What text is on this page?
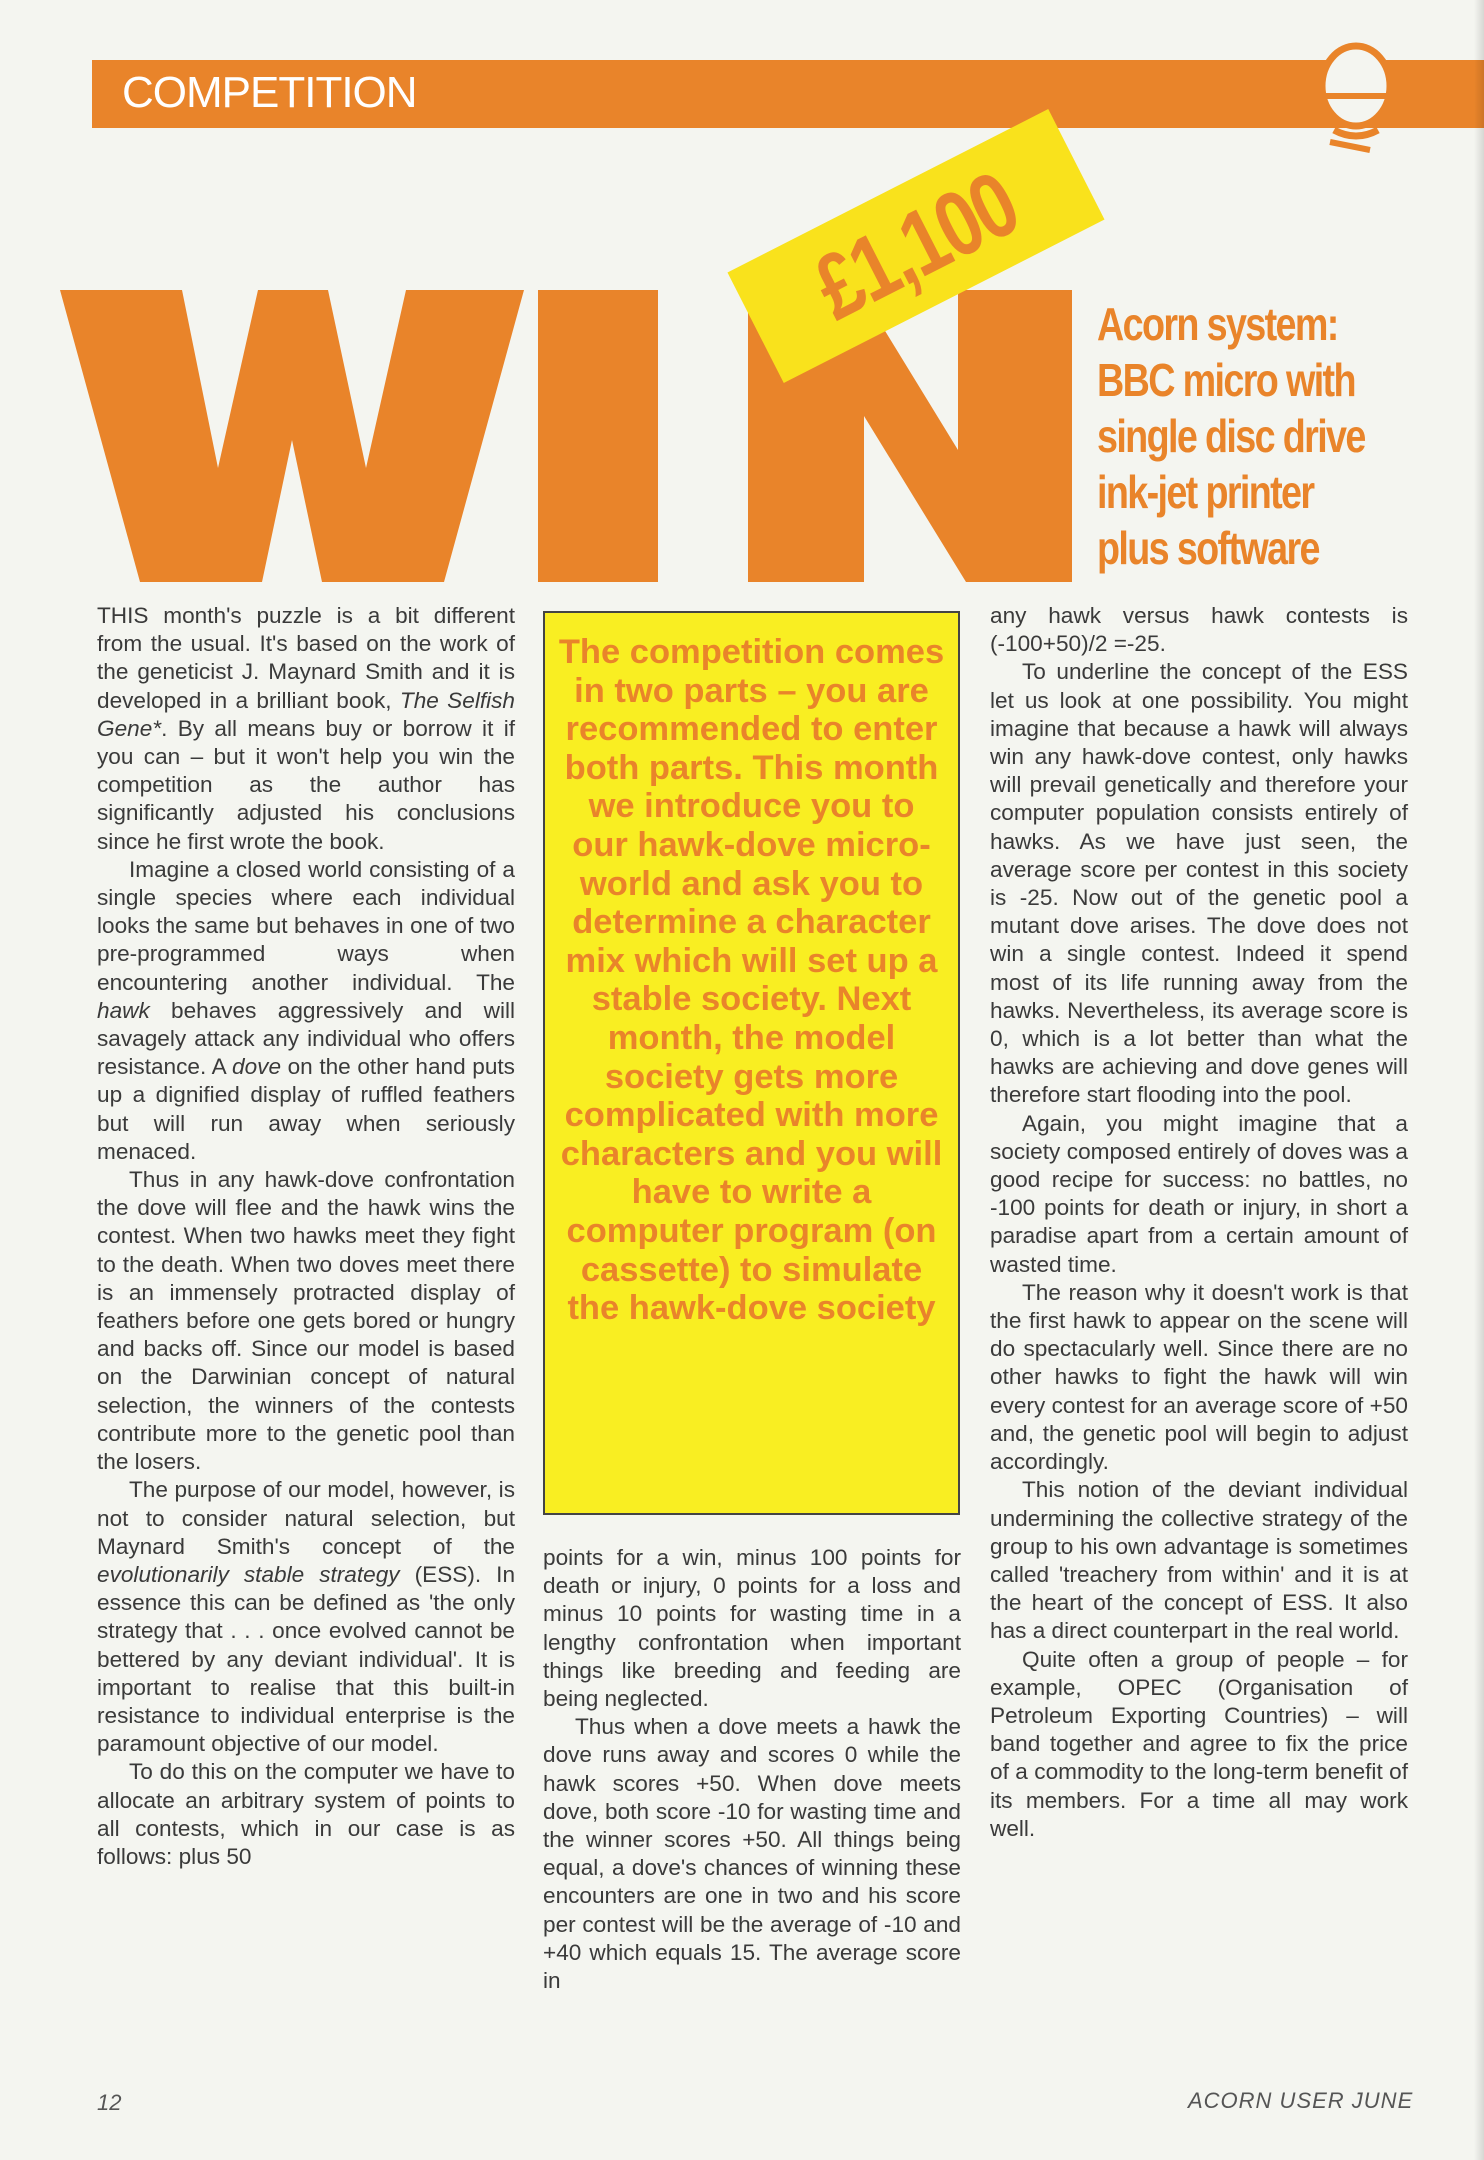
COMPETITION
£1,100 Acorn system:
BBC micro with
single disc drive
ink-jet printer
plus software

THIS month's puzzle is a bit different from the usual. It's based on the work of the geneticist J. Maynard Smith and it is developed in a brilliant book, The Selfish Gene*. By all means buy or borrow it if you can – but it won't help you win the competition as the author has significantly adjusted his conclusions since he first wrote the book.

Imagine a closed world consisting of a single species where each individual looks the same but behaves in one of two pre-programmed ways when encountering another individual. The hawk behaves aggressively and will savagely attack any individual who offers resistance. A dove on the other hand puts up a dignified display of ruffled feathers but will run away when seriously menaced.

Thus in any hawk-dove confrontation the dove will flee and the hawk wins the contest. When two hawks meet they fight to the death. When two doves meet there is an immensely protracted display of feathers before one gets bored or hungry and backs off. Since our model is based on the Darwinian concept of natural selection, the winners of the contests contribute more to the genetic pool than the losers.

The purpose of our model, however, is not to consider natural selection, but Maynard Smith's concept of the evolutionarily stable strategy (ESS). In essence this can be defined as 'the only strategy that . . . once evolved cannot be bettered by any deviant individual'. It is important to realise that this built-in resistance to individual enterprise is the paramount objective of our model.

To do this on the computer we have to allocate an arbitrary system of points to all contests, which in our case is as follows: plus 50

The competition comes in two parts – you are recommended to enter both parts. This month we introduce you to our hawk-dove micro-world and ask you to determine a character mix which will set up a stable society. Next month, the model society gets more complicated with more characters and you will have to write a computer program (on cassette) to simulate the hawk-dove society

points for a win, minus 100 points for death or injury, 0 points for a loss and minus 10 points for wasting time in a lengthy confrontation when important things like breeding and feeding are being neglected.

Thus when a dove meets a hawk the dove runs away and scores 0 while the hawk scores +50. When dove meets dove, both score -10 for wasting time and the winner scores +50. All things being equal, a dove's chances of winning these encounters are one in two and his score per contest will be the average of -10 and +40 which equals 15. The average score in

any hawk versus hawk contests is (-100+50)/2 =-25.

To underline the concept of the ESS let us look at one possibility. You might imagine that because a hawk will always win any hawk-dove contest, only hawks will prevail genetically and therefore your computer population consists entirely of hawks. As we have just seen, the average score per contest in this society is -25. Now out of the genetic pool a mutant dove arises. The dove does not win a single contest. Indeed it spend most of its life running away from the hawks. Nevertheless, its average score is 0, which is a lot better than what the hawks are achieving and dove genes will therefore start flooding into the pool.

Again, you might imagine that a society composed entirely of doves was a good recipe for success: no battles, no -100 points for death or injury, in short a paradise apart from a certain amount of wasted time.

The reason why it doesn't work is that the first hawk to appear on the scene will do spectacularly well. Since there are no other hawks to fight the hawk will win every contest for an average score of +50 and, the genetic pool will begin to adjust accordingly.

This notion of the deviant individual undermining the collective strategy of the group to his own advantage is sometimes called 'treachery from within' and it is at the heart of the concept of ESS. It also has a direct counterpart in the real world.

Quite often a group of people – for example, OPEC (Organisation of Petroleum Exporting Countries) – will band together and agree to fix the price of a commodity to the long-term benefit of its members. For a time all may work well.

12	ACORN USER JUNE
